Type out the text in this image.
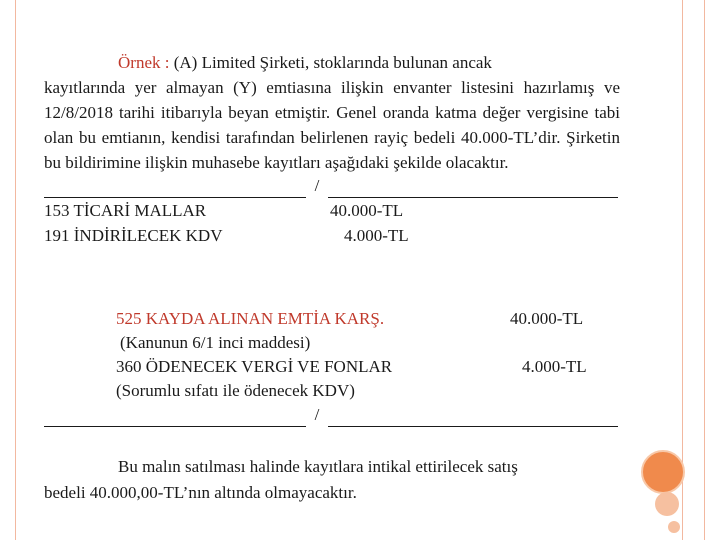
Örnek : (A) Limited Şirketi, stoklarında bulunan ancak
kayıtlarında yer almayan (Y) emtiasına ilişkin envanter listesini hazırlamış ve 12/8/2018 tarihi itibarıyla beyan etmiştir. Genel oranda katma değer vergisine tabi olan bu emtianın, kendisi tarafından belirlenen rayiç bedeli 40.000-TL’dir. Şirketin bu bildirimine ilişkin muhasebe kayıtları aşağıdaki şekilde olacaktır.

/
153 TİCARİ MALLAR	40.000-TL
191 İNDİRİLECEK KDV	4.000-TL
525 KAYDA ALINAN EMTİA KARŞ.	40.000-TL
(Kanunun 6/1 inci maddesi)
360 ÖDENECEK VERGİ VE FONLAR	4.000-TL
(Sorumlu sıfatı ile ödenecek KDV)
/

Bu malın satılması halinde kayıtlara intikal ettirilecek satış
bedeli 40.000,00-TL’nın altında olmayacaktır.
